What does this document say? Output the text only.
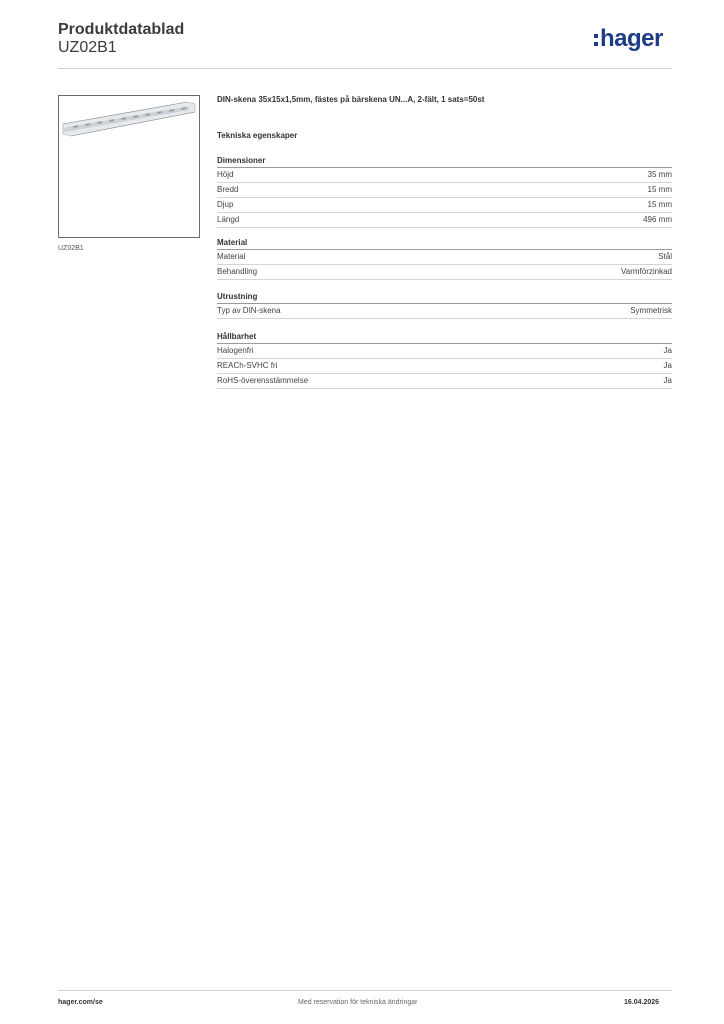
Produktdatablad
UZ02B1	hager
UZ02B1
DIN-skena 35x15x1,5mm, fästes på bärskena UN...A, 2-fält, 1 sats=50st
Tekniska egenskaper
Dimensioner
Höjd	35 mm
Bredd	15 mm
Djup	15 mm
Längd	496 mm
Material
Material	Stål
Behandling	Varmförzinkad
Utrustning
Typ av DIN-skena	Symmetrisk
Hållbarhet
Halogenfri	Ja
REACh-SVHC fri	Ja
RoHS-överensstämmelse	Ja
hager.com/se	Med reservation för tekniska ändringar	16.04.2026
